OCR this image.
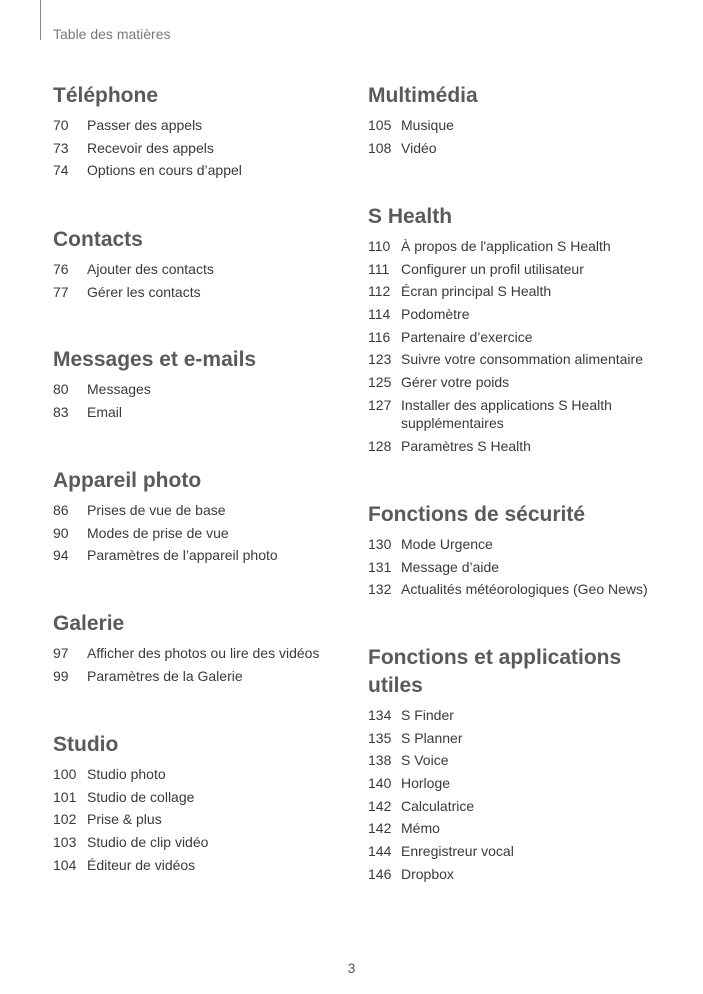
Table des matières
Téléphone
70	Passer des appels
73	Recevoir des appels
74	Options en cours d’appel
Contacts
76	Ajouter des contacts
77	Gérer les contacts
Messages et e-mails
80	Messages
83	Email
Appareil photo
86	Prises de vue de base
90	Modes de prise de vue
94	Paramètres de l’appareil photo
Galerie
97	Afficher des photos ou lire des vidéos
99	Paramètres de la Galerie
Studio
100 Studio photo
101 Studio de collage
102 Prise & plus
103 Studio de clip vidéo
104 Éditeur de vidéos
Multimédia
105 Musique
108 Vidéo
S Health
110 À propos de l'application S Health
111 Configurer un profil utilisateur
112 Écran principal S Health
114 Podomètre
116 Partenaire d’exercice
123 Suivre votre consommation alimentaire
125 Gérer votre poids
127 Installer des applications S Health supplémentaires
128 Paramètres S Health
Fonctions de sécurité
130 Mode Urgence
131 Message d’aide
132 Actualités météorologiques (Geo News)
Fonctions et applications utiles
134 S Finder
135 S Planner
138 S Voice
140 Horloge
142 Calculatrice
142 Mémo
144 Enregistreur vocal
146 Dropbox
3
